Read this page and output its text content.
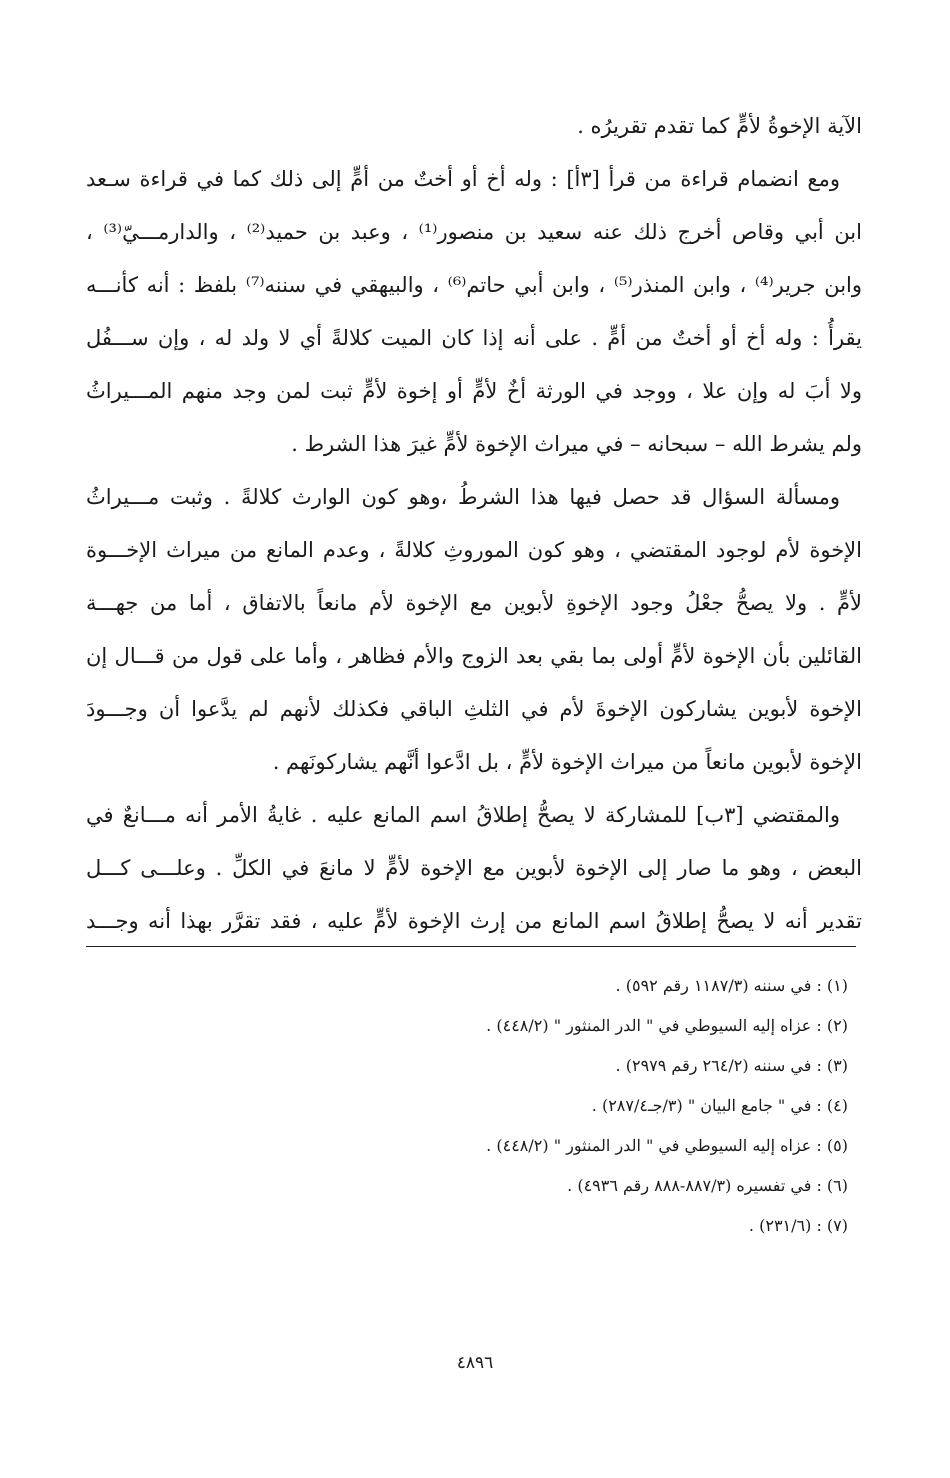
الآية الإخوةُ لأمٍّ كما تقدم تقريرُه .
ومع انضمام قراءة من قرأ [٣أ] : وله أخ أو أختٌ من أمٍّ إلى ذلك كما في قراءة سـعد
ابن أبي وقاص أخرج ذلك عنه سعيد بن منصور⁽¹⁾ ، وعبد بن حميد⁽²⁾ ، والدارمـــيّ⁽³⁾ ،
وابن جرير⁽⁴⁾ ، وابن المنذر⁽⁵⁾ ، وابن أبي حاتم⁽⁶⁾ ، والبيهقي في سننه⁽⁷⁾ بلفظ : أنه كأنـــه
يقرأُ : وله أخ أو أختٌ من أمٍّ . على أنه إذا كان الميت كلالةً أي لا ولد له ، وإن ســـفُل
ولا أبَ له وإن علا ، ووجد في الورثة أخٌ لأمٍّ أو إخوة لأمٍّ ثبت لمن وجد منهم المـــيراثُ
ولم يشرط الله – سبحانه – في ميراث الإخوة لأمٍّ غيرَ هذا الشرط .
ومسألة السؤال قد حصل فيها هذا الشرطُ ،وهو كون الوارث كلالةً . وثبت مـــيراثُ
الإخوة لأم لوجود المقتضي ، وهو كون الموروثِ كلالةً ، وعدم المانع من ميراث الإخـــوة
لأمٍّ . ولا يصحُّ جعْلُ وجود الإخوةِ لأبوين مع الإخوة لأم مانعاً بالاتفاق ، أما من جهـــة
القائلين بأن الإخوة لأمٍّ أولى بما بقي بعد الزوج والأم فظاهر ، وأما على قول من قـــال إن
الإخوة لأبوين يشاركون الإخوةَ لأم في الثلثِ الباقي فكذلك لأنهم لم يدَّعوا أن وجـــودَ
الإخوة لأبوين مانعاً من ميراث الإخوة لأمٍّ ، بل ادَّعوا أنَّهم يشاركونَهم .
والمقتضي [٣ب] للمشاركة لا يصحُّ إطلاقُ اسم المانع عليه . غايةُ الأمر أنه مـــانعٌ في
البعض ، وهو ما صار إلى الإخوة لأبوين مع الإخوة لأمٍّ لا مانعَ في الكلِّ . وعلـــى كـــل
تقدير أنه لا يصحُّ إطلاقُ اسم المانع من إرث الإخوة لأمٍّ عليه ، فقد تقرَّر بهذا أنه وجـــد
(١) : في سننه (١١٨٧/٣ رقم ٥٩٢) .
(٢) : عزاه إليه السيوطي في " الدر المنثور " (٤٤٨/٢) .
(٣) : في سننه (٢٦٤/٢ رقم ٢٩٧٩) .
(٤) : في " جامع البيان " (٣/جـ٢٨٧/٤) .
(٥) : عزاه إليه السيوطي في " الدر المنثور " (٤٤٨/٢) .
(٦) : في تفسيره (٨٨٧/٣-٨٨٨ رقم ٤٩٣٦) .
(٧) : (٢٣١/٦) .
٤٨٩٦
